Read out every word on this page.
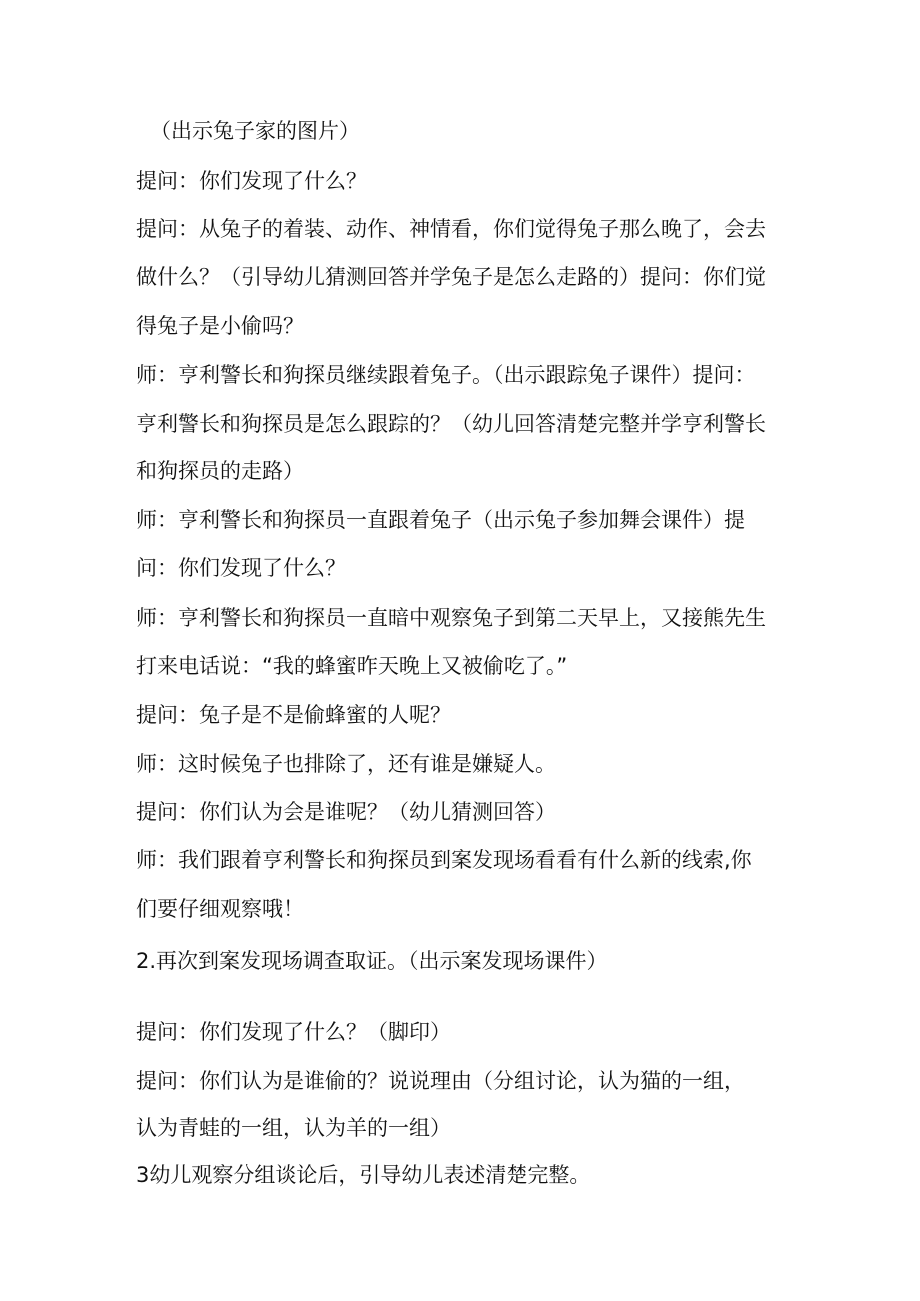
（出示兔子家的图片）
提问：你们发现了什么？
提问：从兔子的着装、动作、神情看，你们觉得兔子那么晚了，会去
做什么？（引导幼儿猜测回答并学兔子是怎么走路的）提问：你们觉
得兔子是小偷吗？
师：亨利警长和狗探员继续跟着兔子。（出示跟踪兔子课件）提问：
亨利警长和狗探员是怎么跟踪的？（幼儿回答清楚完整并学亨利警长
和狗探员的走路）
师：亨利警长和狗探员一直跟着兔子（出示兔子参加舞会课件）提
问：你们发现了什么？
师：亨利警长和狗探员一直暗中观察兔子到第二天早上，又接熊先生
打来电话说：“我的蜂蜜昨天晚上又被偷吃了。”
提问：兔子是不是偷蜂蜜的人呢？
师：这时候兔子也排除了，还有谁是嫌疑人。
提问：你们认为会是谁呢？（幼儿猜测回答）
师：我们跟着亨利警长和狗探员到案发现场看看有什么新的线索,你
们要仔细观察哦！
2.再次到案发现场调查取证。（出示案发现场课件）
提问：你们发现了什么？（脚印）
提问：你们认为是谁偷的？说说理由（分组讨论，认为猫的一组，
认为青蛙的一组，认为羊的一组）
3幼儿观察分组谈论后，引导幼儿表述清楚完整。
